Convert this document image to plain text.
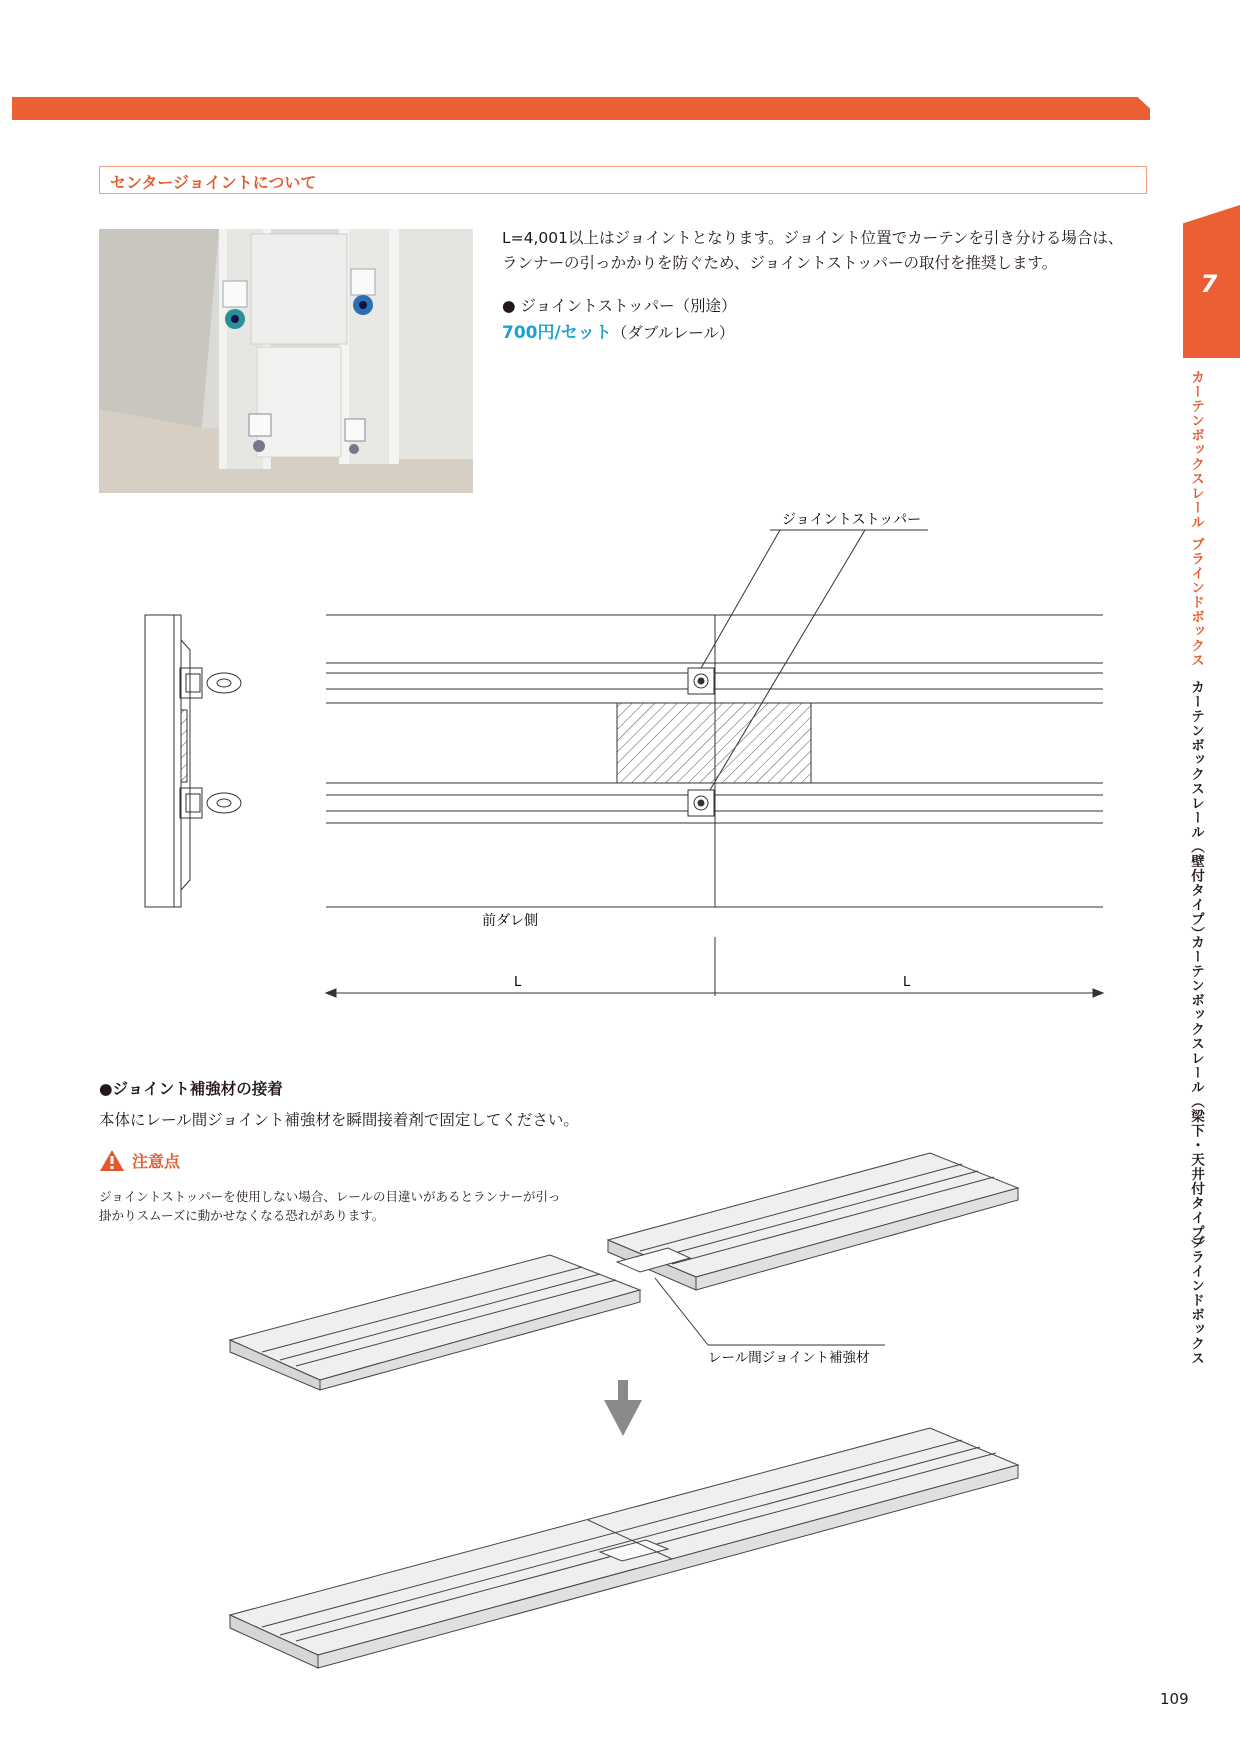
センタージョイントについて
L=4,001以上はジョイントとなります。ジョイント位置でカーテンを引き分ける場合は、
ランナーの引っかかりを防ぐため、ジョイントストッパーの取付を推奨します。
● ジョイントストッパー（別途）
700円/セット（ダブルレール）
7
カーテンボックスレール
ブラインドボックス
カーテンボックスレール（壁付タイプ）
カーテンボックスレール（梁下・天井付タイプ）
ブラインドボックス
ジョイントストッパー
前ダレ側
L	L
●ジョイント補強材の接着
本体にレール間ジョイント補強材を瞬間接着剤で固定してください。
注意点
ジョイントストッパーを使用しない場合、レールの目違いがあるとランナーが引っ
掛かりスムーズに動かせなくなる恐れがあります。
レール間ジョイント補強材
109
